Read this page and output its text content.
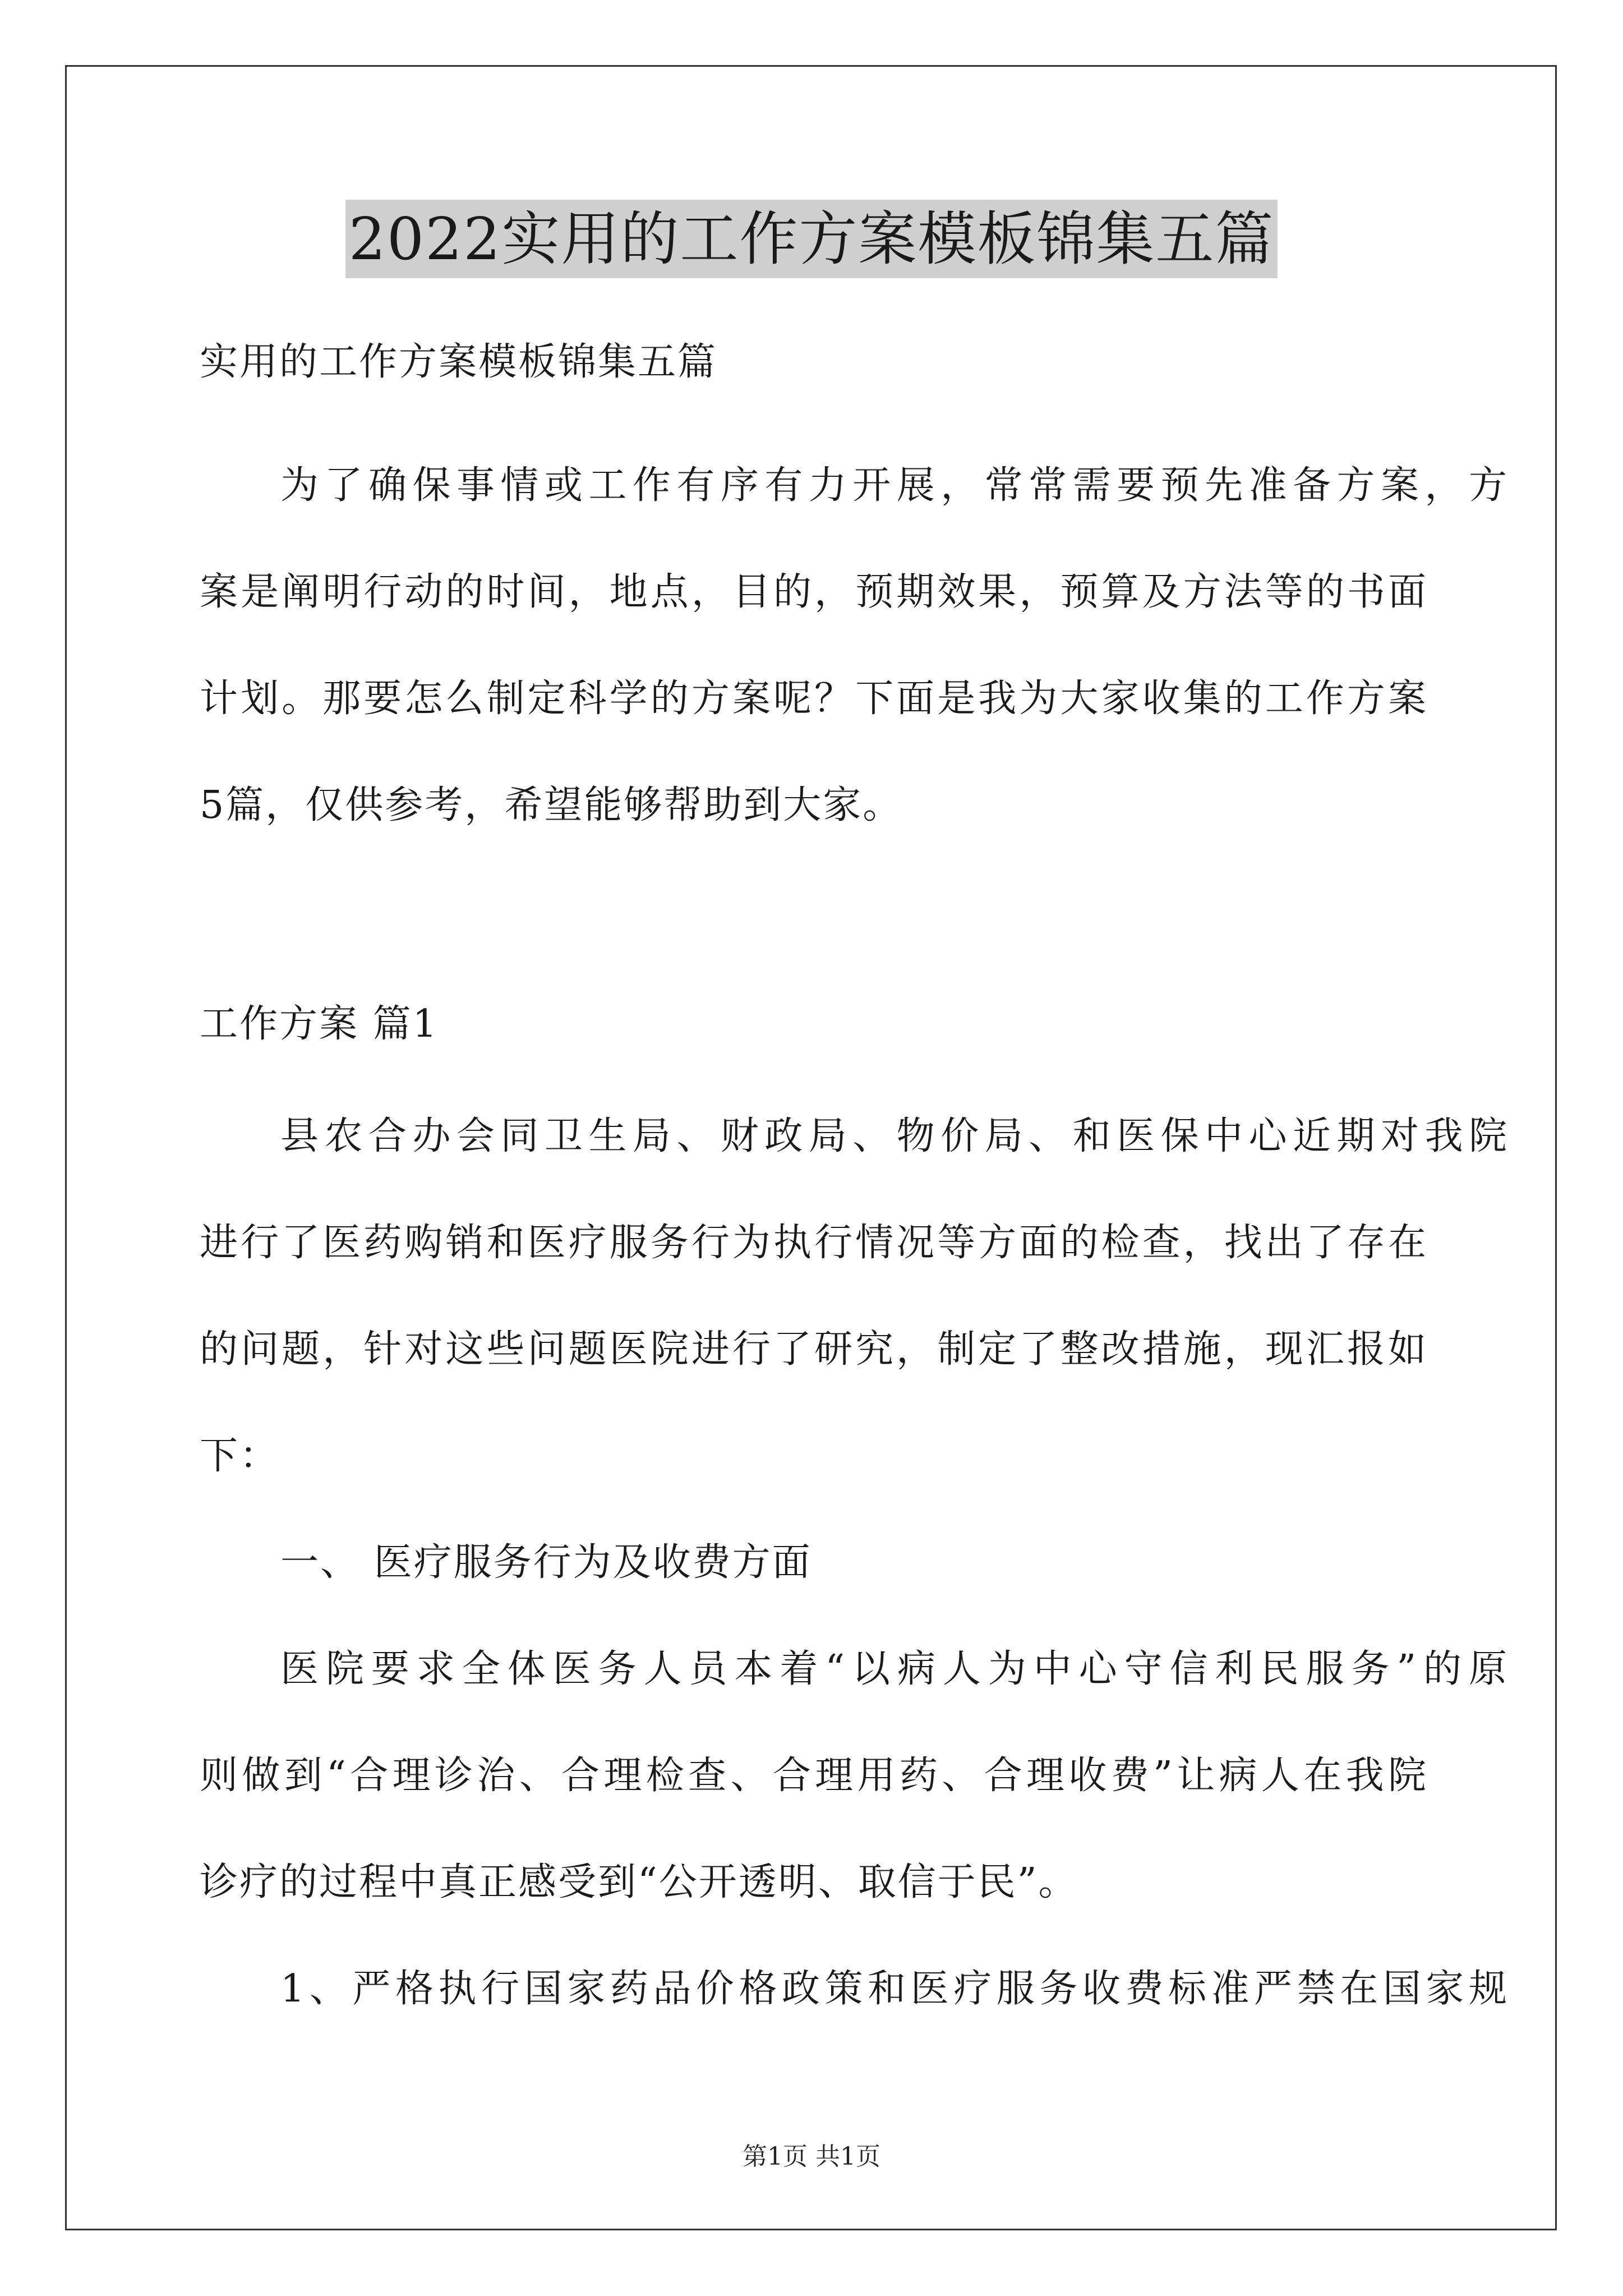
2022实用的工作方案模板锦集五篇
实用的工作方案模板锦集五篇
为了确保事情或工作有序有力开展，常常需要预先准备方案，方
案是阐明行动的时间，地点，目的，预期效果，预算及方法等的书面
计划。那要怎么制定科学的方案呢？下面是我为大家收集的工作方案
5篇，仅供参考，希望能够帮助到大家。
工作方案 篇1
县农合办会同卫生局、财政局、物价局、和医保中心近期对我院
进行了医药购销和医疗服务行为执行情况等方面的检查，找出了存在
的问题，针对这些问题医院进行了研究，制定了整改措施，现汇报如
下：
一、 医疗服务行为及收费方面
医院要求全体医务人员本着“以病人为中心守信利民服务”的原
则做到“合理诊治、合理检查、合理用药、合理收费”让病人在我院
诊疗的过程中真正感受到“公开透明、取信于民”。
1、严格执行国家药品价格政策和医疗服务收费标准严禁在国家规
第1页 共1页
